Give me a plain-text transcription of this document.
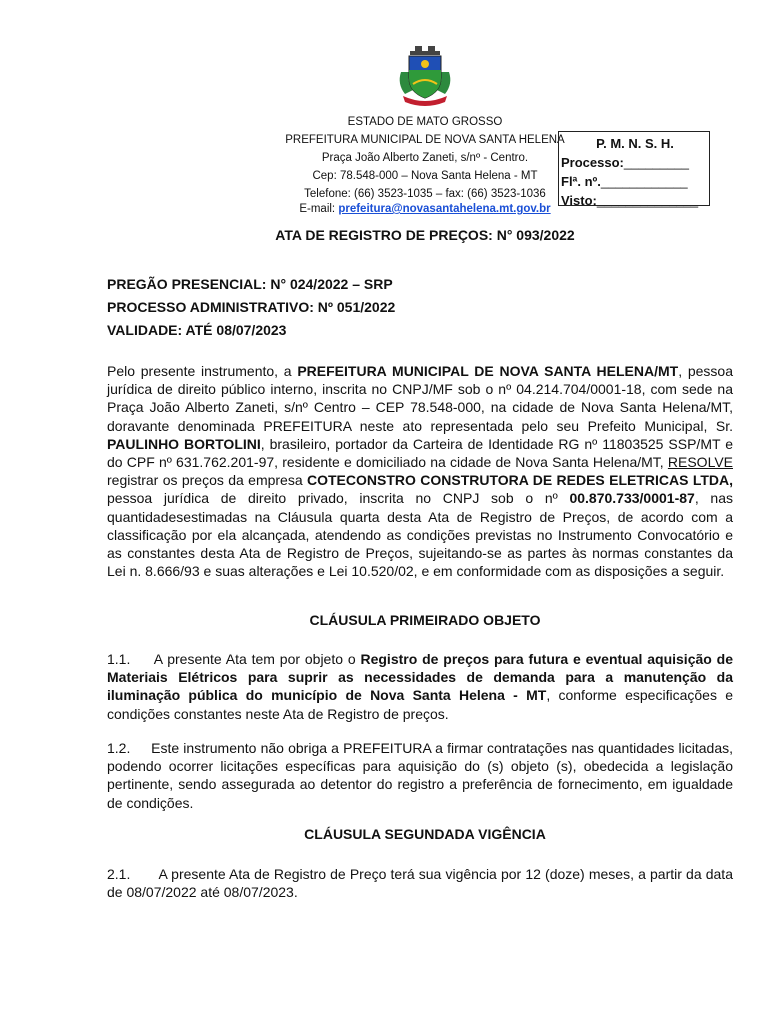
ESTADO DE MATO GROSSO
PREFEITURA MUNICIPAL DE NOVA SANTA HELENA
Praça João Alberto Zaneti, s/nº - Centro.
Cep: 78.548-000 – Nova Santa Helena - MT
Telefone: (66) 3523-1035 – fax: (66) 3523-1036
E-mail: prefeitura@novasantahelena.mt.gov.br
P. M. N. S. H.
Processo:_________
Flª. nº.____________
Visto:______________
ATA DE REGISTRO DE PREÇOS: N° 093/2022
PREGÃO PRESENCIAL: N° 024/2022 – SRP
PROCESSO ADMINISTRATIVO: Nº 051/2022
VALIDADE: ATÉ 08/07/2023
Pelo presente instrumento, a PREFEITURA MUNICIPAL DE NOVA SANTA HELENA/MT, pessoa jurídica de direito público interno, inscrita no CNPJ/MF sob o nº 04.214.704/0001-18, com sede na Praça João Alberto Zaneti, s/nº Centro – CEP 78.548-000, na cidade de Nova Santa Helena/MT, doravante denominada PREFEITURA neste ato representada pelo seu Prefeito Municipal, Sr. PAULINHO BORTOLINI, brasileiro, portador da Carteira de Identidade RG nº 11803525 SSP/MT e do CPF nº 631.762.201-97, residente e domiciliado na cidade de Nova Santa Helena/MT, RESOLVE registrar os preços da empresa COTECONSTRO CONSTRUTORA DE REDES ELETRICAS LTDA, pessoa jurídica de direito privado, inscrita no CNPJ sob o nº 00.870.733/0001-87, nas quantidadesestimadas na Cláusula quarta desta Ata de Registro de Preços, de acordo com a classificação por ela alcançada, atendendo as condições previstas no Instrumento Convocatório e as constantes desta Ata de Registro de Preços, sujeitando-se as partes às normas constantes da Lei n. 8.666/93 e suas alterações e Lei 10.520/02, e em conformidade com as disposições a seguir.
CLÁUSULA PRIMEIRADO OBJETO
1.1.     A presente Ata tem por objeto o Registro de preços para futura e eventual aquisição de Materiais Elétricos para suprir as necessidades de demanda para a manutenção da iluminação pública do município de Nova Santa Helena - MT, conforme especificações e condições constantes neste Ata de Registro de preços.
1.2.     Este instrumento não obriga a PREFEITURA a firmar contratações nas quantidades licitadas, podendo ocorrer licitações específicas para aquisição do (s) objeto (s), obedecida a legislação pertinente, sendo assegurada ao detentor do registro a preferência de fornecimento, em igualdade de condições.
CLÁUSULA SEGUNDADA VIGÊNCIA
2.1.       A presente Ata de Registro de Preço terá sua vigência por 12 (doze) meses, a partir da data de 08/07/2022 até 08/07/2023.
